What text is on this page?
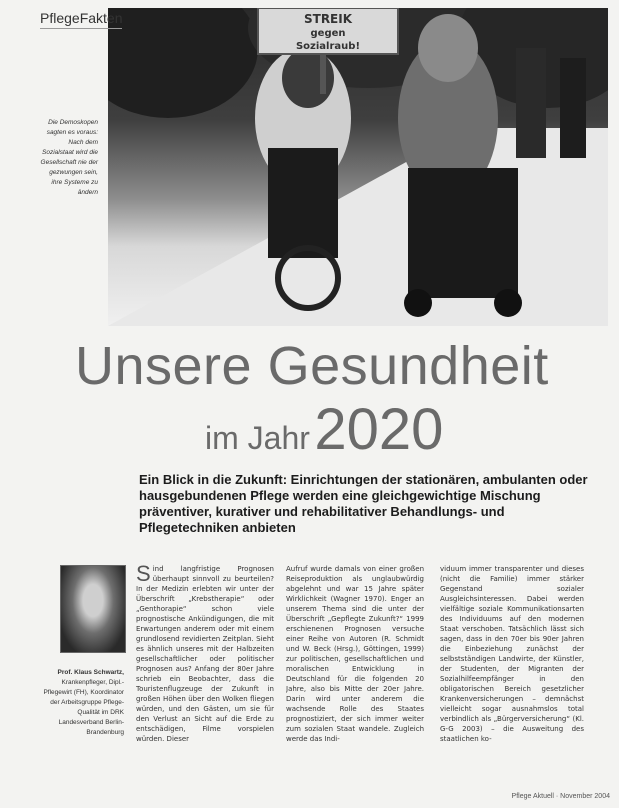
STREIK
gegen
Sozialraub!
PflegeFakten
Die Demoskopen sagten es voraus: Nach dem Sozialstaat wird die Gesellschaft nie der gezwungen sein, ihre Systeme zu ändern
Unsere Gesundheit
im Jahr 2020
Ein Blick in die Zukunft: Einrichtungen der stationären, ambulanten oder hausgebundenen Pflege werden eine gleichgewichtige Mischung präventiver, kurativer und rehabilitativer Behandlungs- und Pflegetechniken anbieten
Prof. Klaus Schwartz, Krankenpfleger, Dipl.-Pflegewirt (FH), Koordinator der Arbeitsgruppe Pflege-Qualität im DRK Landesverband Berlin-Brandenburg
Sind langfristige Prognosen überhaupt sinnvoll zu beurteilen? In der Medizin erlebten wir unter der Überschrift „Krebstherapie“ oder „Genthorapie“ schon viele prognostische Ankündigungen, die mit Erwartungen anderem oder mit einem grundlosend revidierten Zeitplan. Sieht es ähnlich unseres mit der Halbzeiten gesellschaftlicher oder politischer Prognosen aus? Anfang der 80er Jahre schrieb ein Beobachter, dass die Touristenflugzeuge der Zukunft in großen Höhen über den Wolken fliegen würden, und den Gästen, um sie für den Verlust an Sicht auf die Erde zu entschädigen, Filme vorspielen würden. Dieser
Aufruf wurde damals von einer großen Reiseproduktion als unglaubwürdig abgelehnt und war 15 Jahre später Wirklichkeit (Wagner 1970). Enger an unserem Thema sind die unter der Überschrift „Gepflegte Zukunft?“ 1999 erschienenen Prognosen versuche einer Reihe von Autoren (R. Schmidt und W. Beck (Hrsg.), Göttingen, 1999) zur politischen, gesellschaftlichen und moralischen Entwicklung in Deutschland für die folgenden 20 Jahre, also bis Mitte der 20er Jahre. Darin wird unter anderem die wachsende Rolle des Staates prognostiziert, der sich immer weiter zum sozialen Staat wandele. Zugleich werde das Indi-
viduum immer transparenter und dieses (nicht die Familie) immer stärker Gegenstand sozialer Ausgleichsinteressen. Dabei werden vielfältige soziale Kommunikationsarten des Individuums auf den modernen Staat verschoben. Tatsächlich lässt sich sagen, dass in den 70er bis 90er Jahren die Einbeziehung zunächst der selbstständigen Landwirte, der Künstler, der Studenten, der Migranten der Sozialhilfeempfänger in den obligatorischen Bereich gesetzlicher Krankenversicherungen – demnächst vielleicht sogar ausnahmslos total verbindlich als „Bürgerversicherung“ (Kl. G-G 2003) – die Ausweitung des staatlichen ko-
Pflege Aktuell · November 2004
